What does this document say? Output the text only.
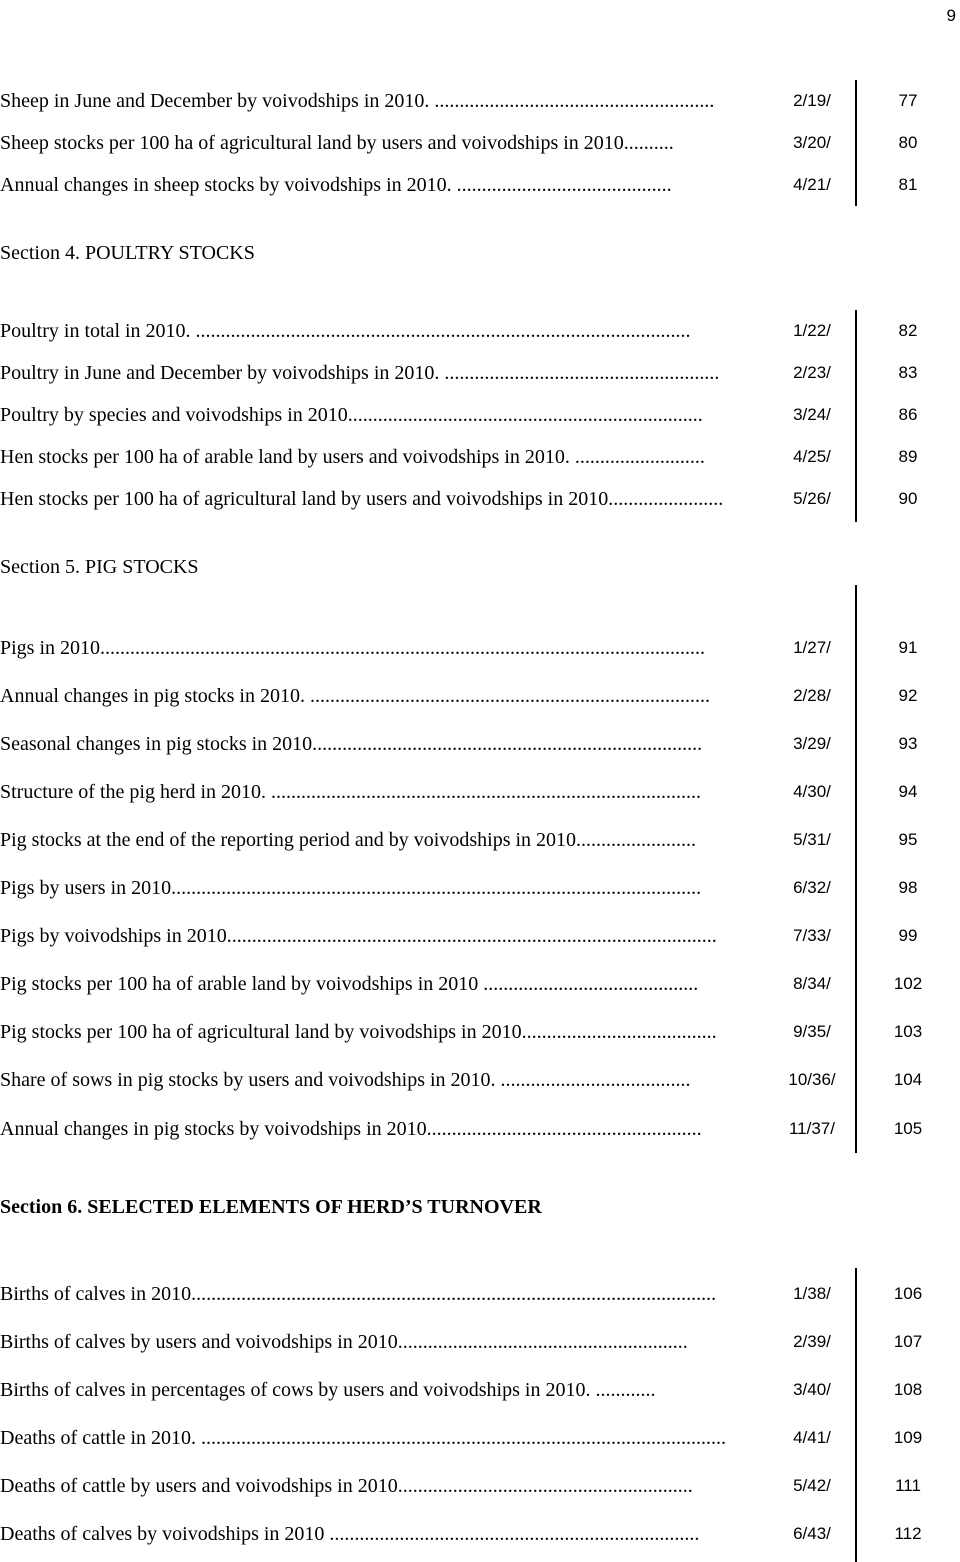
9
Sheep in June and December by voivodships in 2010. ........................................................	2/19/	77
Sheep stocks per 100 ha of agricultural land by users and voivodships in 2010..........	3/20/	80
Annual changes in sheep stocks by voivodships in 2010. ...........................................	4/21/	81
Section 4. POULTRY STOCKS
Poultry in total in 2010. ...................................................................................................	1/22/	82
Poultry in June and December by voivodships in 2010. .......................................................	2/23/	83
Poultry by species and voivodships in 2010.......................................................................	3/24/	86
Hen stocks per 100 ha of arable land by users and voivodships in 2010. ..........................	4/25/	89
Hen stocks per 100 ha of agricultural land by users and voivodships in 2010.......................	5/26/	90
Section 5. PIG STOCKS
Pigs in 2010.........................................................................................................................	1/27/	91
Annual changes in pig stocks in 2010. ................................................................................	2/28/	92
Seasonal changes in pig stocks in 2010..............................................................................	3/29/	93
Structure of the pig herd in 2010. ......................................................................................	4/30/	94
Pig stocks at the end of the reporting period and by voivodships in 2010........................	5/31/	95
Pigs by users in 2010..........................................................................................................	6/32/	98
Pigs by voivodships in 2010..................................................................................................	7/33/	99
Pig stocks per 100 ha of arable land by voivodships in 2010 ...........................................	8/34/	102
Pig stocks per 100 ha of agricultural land by voivodships in 2010.......................................	9/35/	103
Share of sows in pig stocks by users and voivodships in 2010. ......................................	10/36/	104
Annual changes in pig stocks by voivodships in 2010.......................................................	11/37/	105
Section 6. SELECTED ELEMENTS OF HERD’S TURNOVER
Births of calves in 2010.........................................................................................................	1/38/	106
Births of calves by users and voivodships in 2010..........................................................	2/39/	107
Births of calves in percentages of cows by users and voivodships in 2010. ............	3/40/	108
Deaths of cattle in 2010. .........................................................................................................	4/41/	109
Deaths of cattle by users and voivodships in 2010...........................................................	5/42/	111
Deaths of calves by voivodships in 2010 ..........................................................................	6/43/	112
